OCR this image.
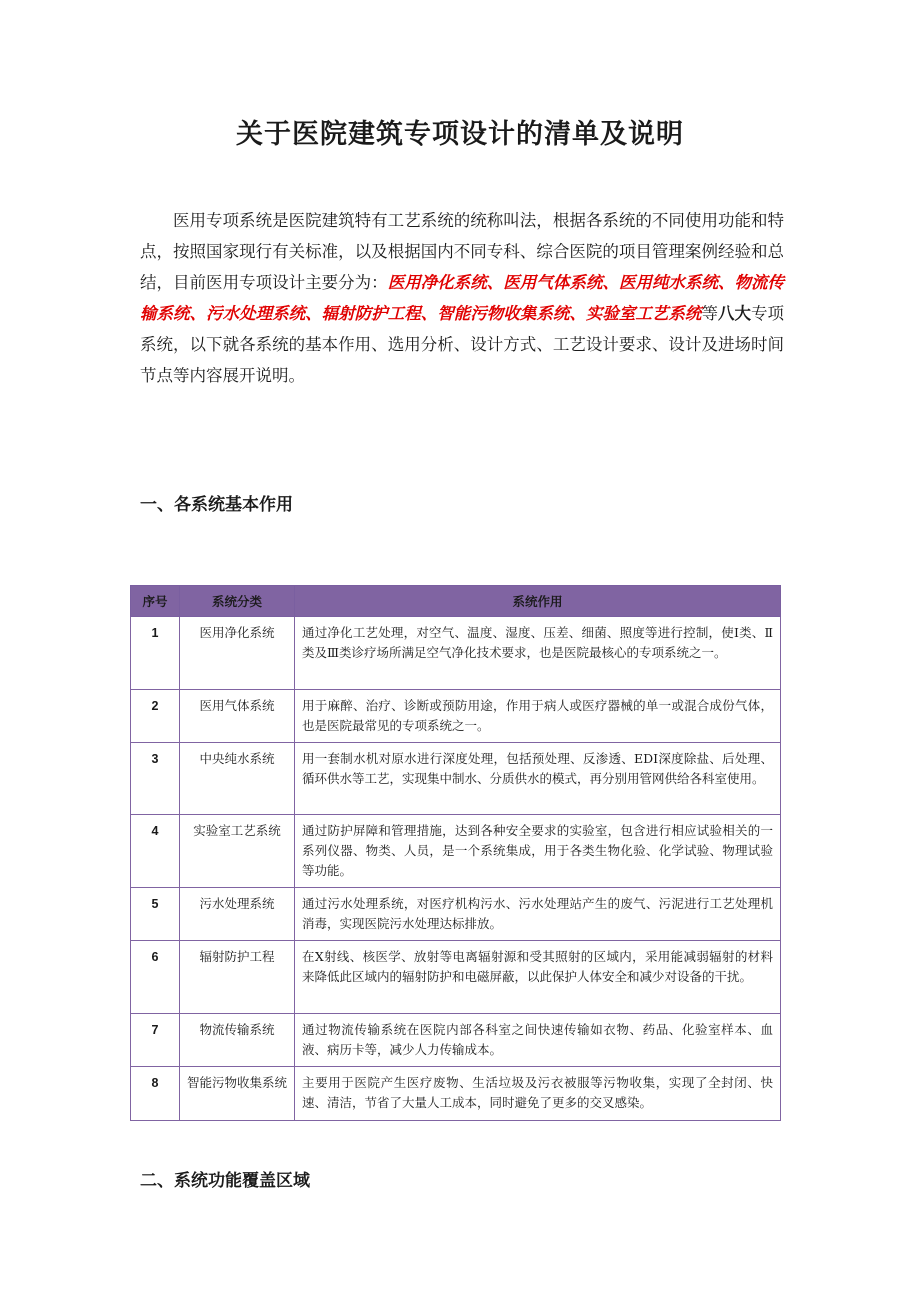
关于医院建筑专项设计的清单及说明

医用专项系统是医院建筑特有工艺系统的统称叫法，根据各系统的不同使用功能和特点，按照国家现行有关标准，以及根据国内不同专科、综合医院的项目管理案例经验和总结，目前医用专项设计主要分为：医用净化系统、医用气体系统、医用纯水系统、物流传输系统、污水处理系统、辐射防护工程、智能污物收集系统、实验室工艺系统等八大专项系统，以下就各系统的基本作用、选用分析、设计方式、工艺设计要求、设计及进场时间节点等内容展开说明。

一、各系统基本作用
序号	系统分类	系统作用
1	医用净化系统	通过净化工艺处理，对空气、温度、湿度、压差、细菌、照度等进行控制，使Ⅰ类、Ⅱ类及Ⅲ类诊疗场所满足空气净化技术要求，也是医院最核心的专项系统之一。
2	医用气体系统	用于麻醉、治疗、诊断或预防用途，作用于病人或医疗器械的单一或混合成份气体，也是医院最常见的专项系统之一。
3	中央纯水系统	用一套制水机对原水进行深度处理，包括预处理、反渗透、EDI深度除盐、后处理、循环供水等工艺，实现集中制水、分质供水的模式，再分别用管网供给各科室使用。
4	实验室工艺系统	通过防护屏障和管理措施，达到各种安全要求的实验室，包含进行相应试验相关的一系列仪器、物类、人员，是一个系统集成，用于各类生物化验、化学试验、物理试验等功能。
5	污水处理系统	通过污水处理系统，对医疗机构污水、污水处理站产生的废气、污泥进行工艺处理机消毒，实现医院污水处理达标排放。
6	辐射防护工程	在X射线、核医学、放射等电离辐射源和受其照射的区域内，采用能减弱辐射的材料来降低此区域内的辐射防护和电磁屏蔽，以此保护人体安全和减少对设备的干扰。
7	物流传输系统	通过物流传输系统在医院内部各科室之间快速传输如衣物、药品、化验室样本、血液、病历卡等，减少人力传输成本。
8	智能污物收集系统	主要用于医院产生医疗废物、生活垃圾及污衣被服等污物收集，实现了全封闭、快速、清洁，节省了大量人工成本，同时避免了更多的交叉感染。
二、系统功能覆盖区域
